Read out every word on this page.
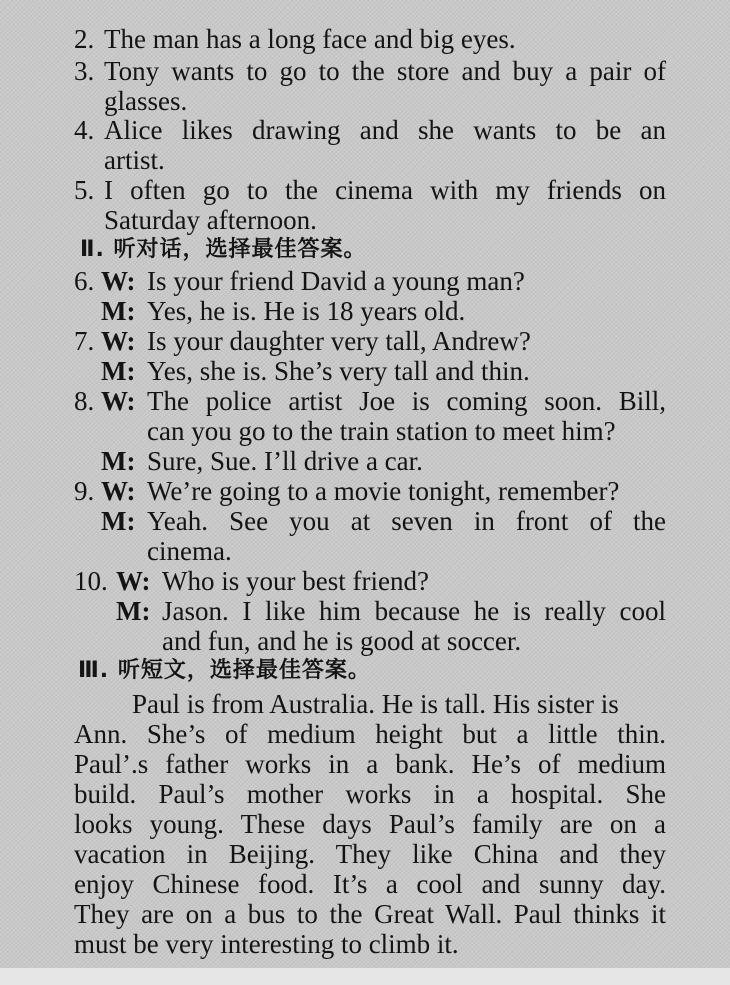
2. The man has a long face and big eyes.
3. Tony wants to go to the store and buy a pair of
glasses.
4. Alice likes drawing and she wants to be an
artist.
5. I often go to the cinema with my friends on
Saturday afternoon.
Ⅱ. 听对话，选择最佳答案。
6. W: Is your friend David a young man?
M: Yes, he is. He is 18 years old.
7. W: Is your daughter very tall, Andrew?
M: Yes, she is. She’s very tall and thin.
8. W: The police artist Joe is coming soon. Bill,
can you go to the train station to meet him?
M: Sure, Sue. I’ll drive a car.
9. W: We’re going to a movie tonight, remember?
M: Yeah. See you at seven in front of the
cinema.
10. W: Who is your best friend?
M: Jason. I like him because he is really cool
and fun, and he is good at soccer.
Ⅲ. 听短文，选择最佳答案。
Paul is from Australia. He is tall. His sister is
Ann. She’s of medium height but a little thin.
Paul’.s father works in a bank. He’s of medium
build. Paul’s mother works in a hospital. She
looks young. These days Paul’s family are on a
vacation in Beijing. They like China and they
enjoy Chinese food. It’s a cool and sunny day.
They are on a bus to the Great Wall. Paul thinks it
must be very interesting to climb it.
